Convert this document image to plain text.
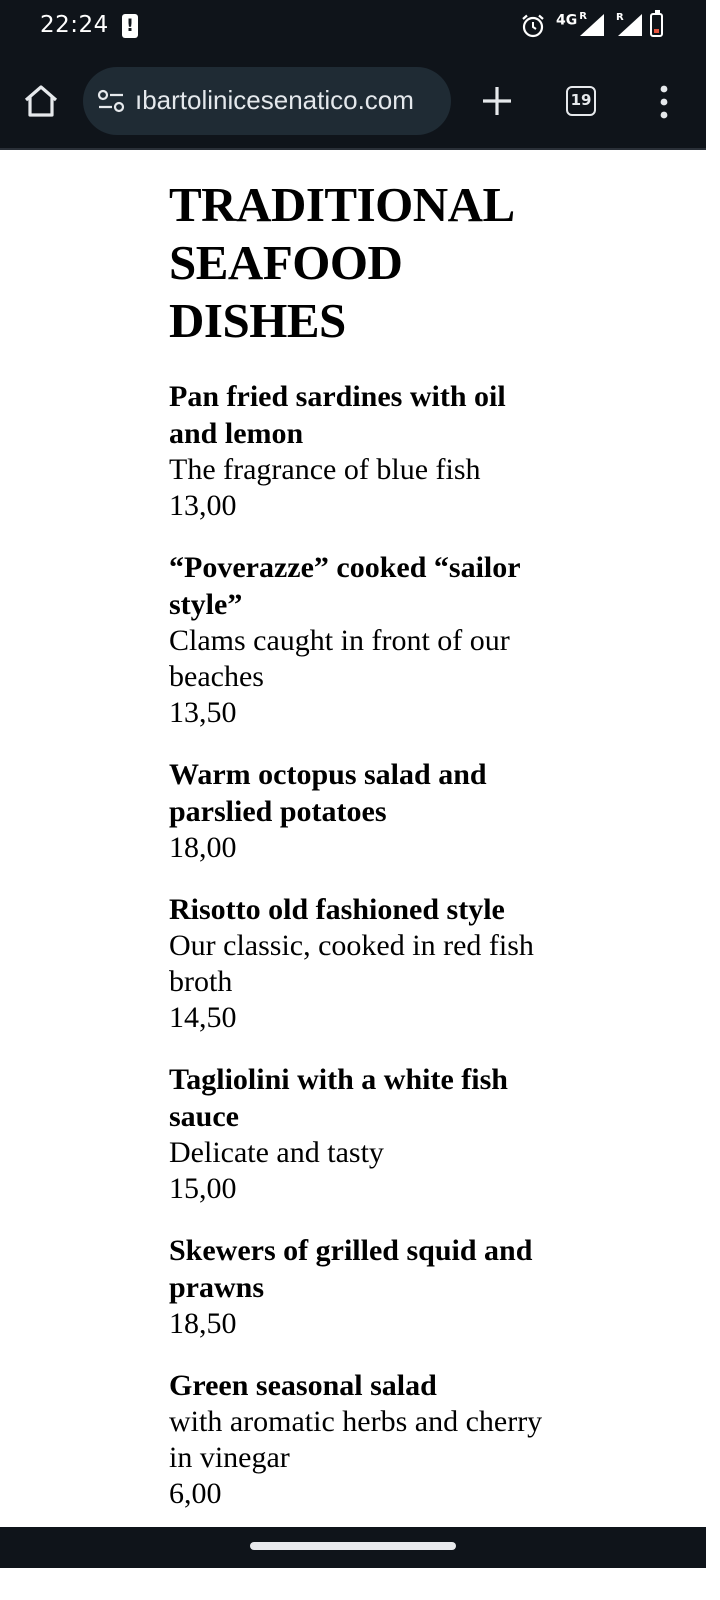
22:24 !	4G $^R$	R
ıbartolinicesenatico.com	19
TRADITIONAL SEAFOOD DISHES
Pan fried sardines with oil and lemon
The fragrance of blue fish
13,00
“Poverazze” cooked “sailor style”
Clams caught in front of our beaches
13,50
Warm octopus salad and parslied potatoes
18,00
Risotto old fashioned style
Our classic, cooked in red fish broth
14,50
Tagliolini with a white fish sauce
Delicate and tasty
15,00
Skewers of grilled squid and prawns
18,50
Green seasonal salad
with aromatic herbs and cherry in vinegar
6,00
